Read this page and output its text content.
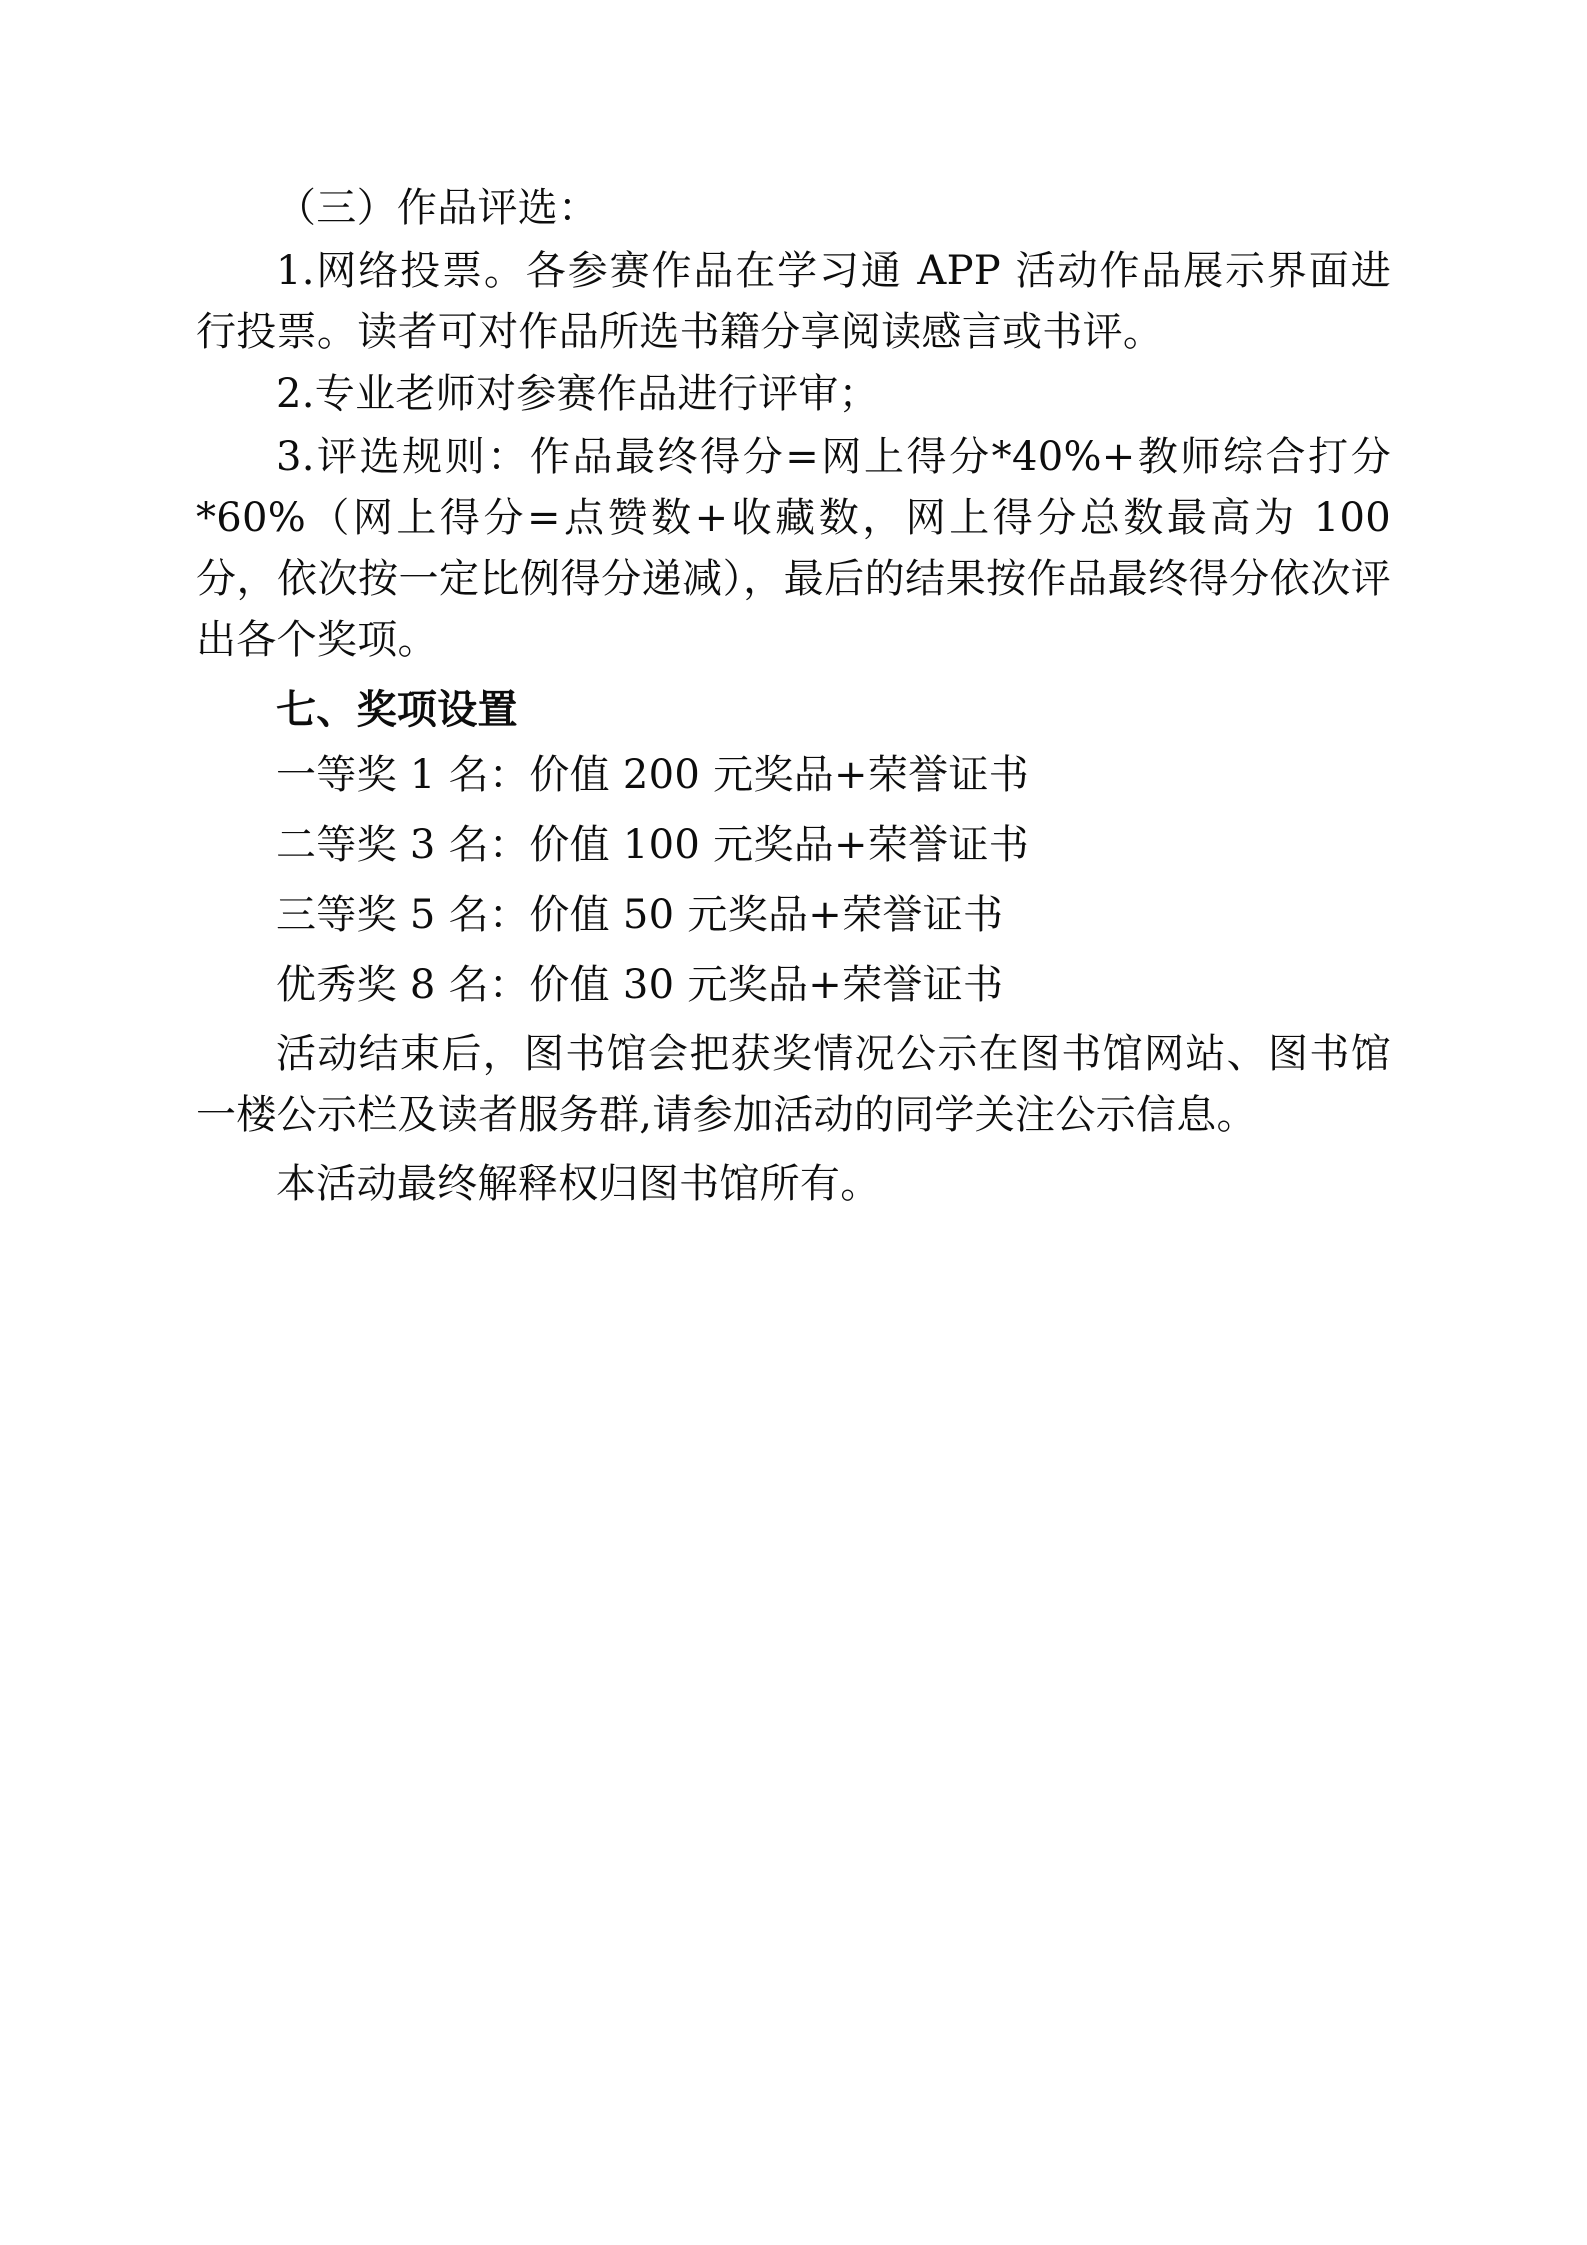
（三）作品评选：

1.网络投票。各参赛作品在学习通 APP 活动作品展示界面进行投票。读者可对作品所选书籍分享阅读感言或书评。

2.专业老师对参赛作品进行评审；

3.评选规则：作品最终得分=网上得分*40%+教师综合打分*60%（网上得分=点赞数+收藏数，网上得分总数最高为 100 分，依次按一定比例得分递减），最后的结果按作品最终得分依次评出各个奖项。

七、奖项设置

一等奖 1 名：价值 200 元奖品+荣誉证书

二等奖 3 名：价值 100 元奖品+荣誉证书

三等奖 5 名：价值 50 元奖品+荣誉证书

优秀奖 8 名：价值 30 元奖品+荣誉证书

活动结束后，图书馆会把获奖情况公示在图书馆网站、图书馆一楼公示栏及读者服务群,请参加活动的同学关注公示信息。

本活动最终解释权归图书馆所有。
